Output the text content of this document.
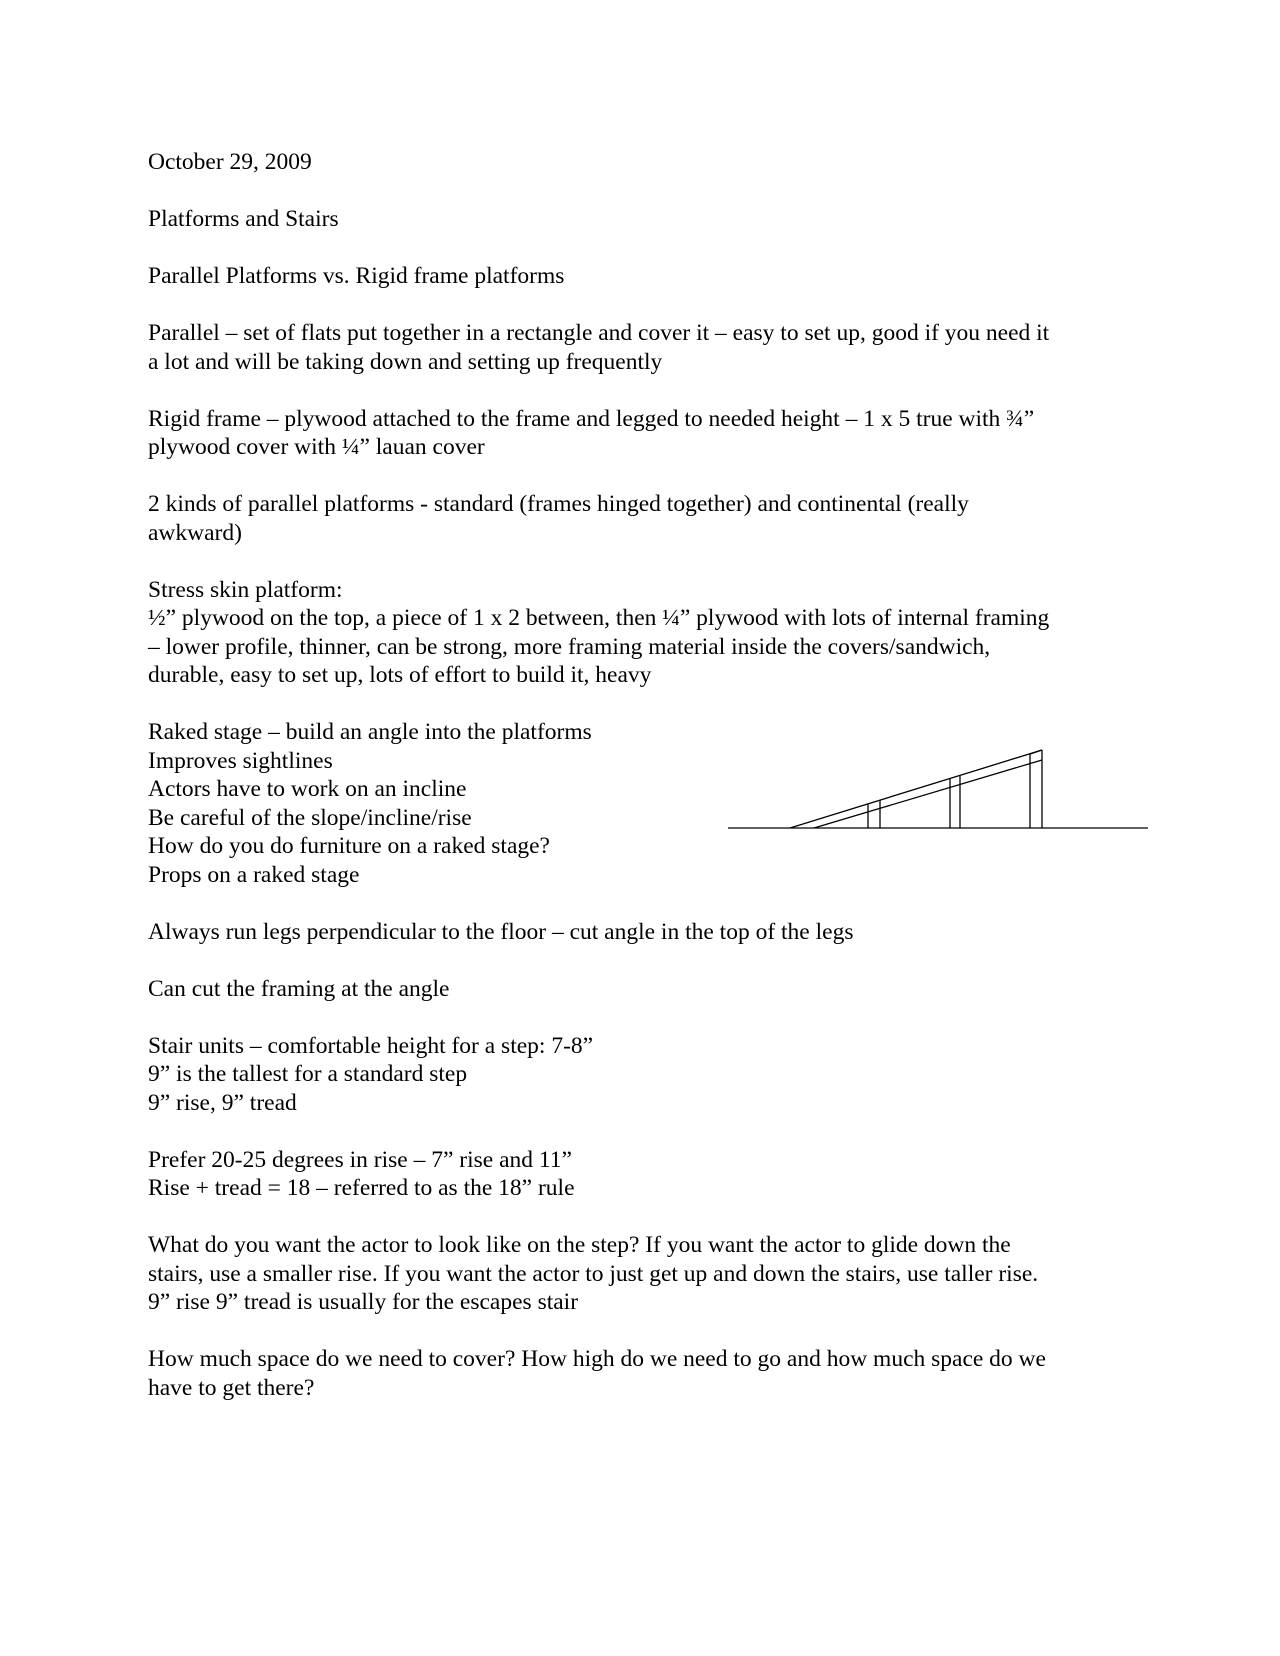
October 29, 2009

Platforms and Stairs

Parallel Platforms vs. Rigid frame platforms

Parallel – set of flats put together in a rectangle and cover it – easy to set up, good if you need it
a lot and will be taking down and setting up frequently

Rigid frame – plywood attached to the frame and legged to needed height – 1 x 5 true with ¾”
plywood cover with ¼” lauan cover

2 kinds of parallel platforms - standard (frames hinged together) and continental (really
awkward)

Stress skin platform:
½” plywood on the top, a piece of 1 x 2 between, then ¼” plywood with lots of internal framing
– lower profile, thinner, can be strong, more framing material inside the covers/sandwich,
durable, easy to set up, lots of effort to build it, heavy

Raked stage – build an angle into the platforms
Improves sightlines
Actors have to work on an incline
Be careful of the slope/incline/rise
How do you do furniture on a raked stage?
Props on a raked stage

Always run legs perpendicular to the floor – cut angle in the top of the legs

Can cut the framing at the angle

Stair units – comfortable height for a step: 7-8”
9” is the tallest for a standard step
9” rise, 9” tread

Prefer 20-25 degrees in rise – 7” rise and 11”
Rise + tread = 18 – referred to as the 18” rule

What do you want the actor to look like on the step? If you want the actor to glide down the
stairs, use a smaller rise. If you want the actor to just get up and down the stairs, use taller rise.
9” rise 9” tread is usually for the escapes stair

How much space do we need to cover? How high do we need to go and how much space do we
have to get there?
